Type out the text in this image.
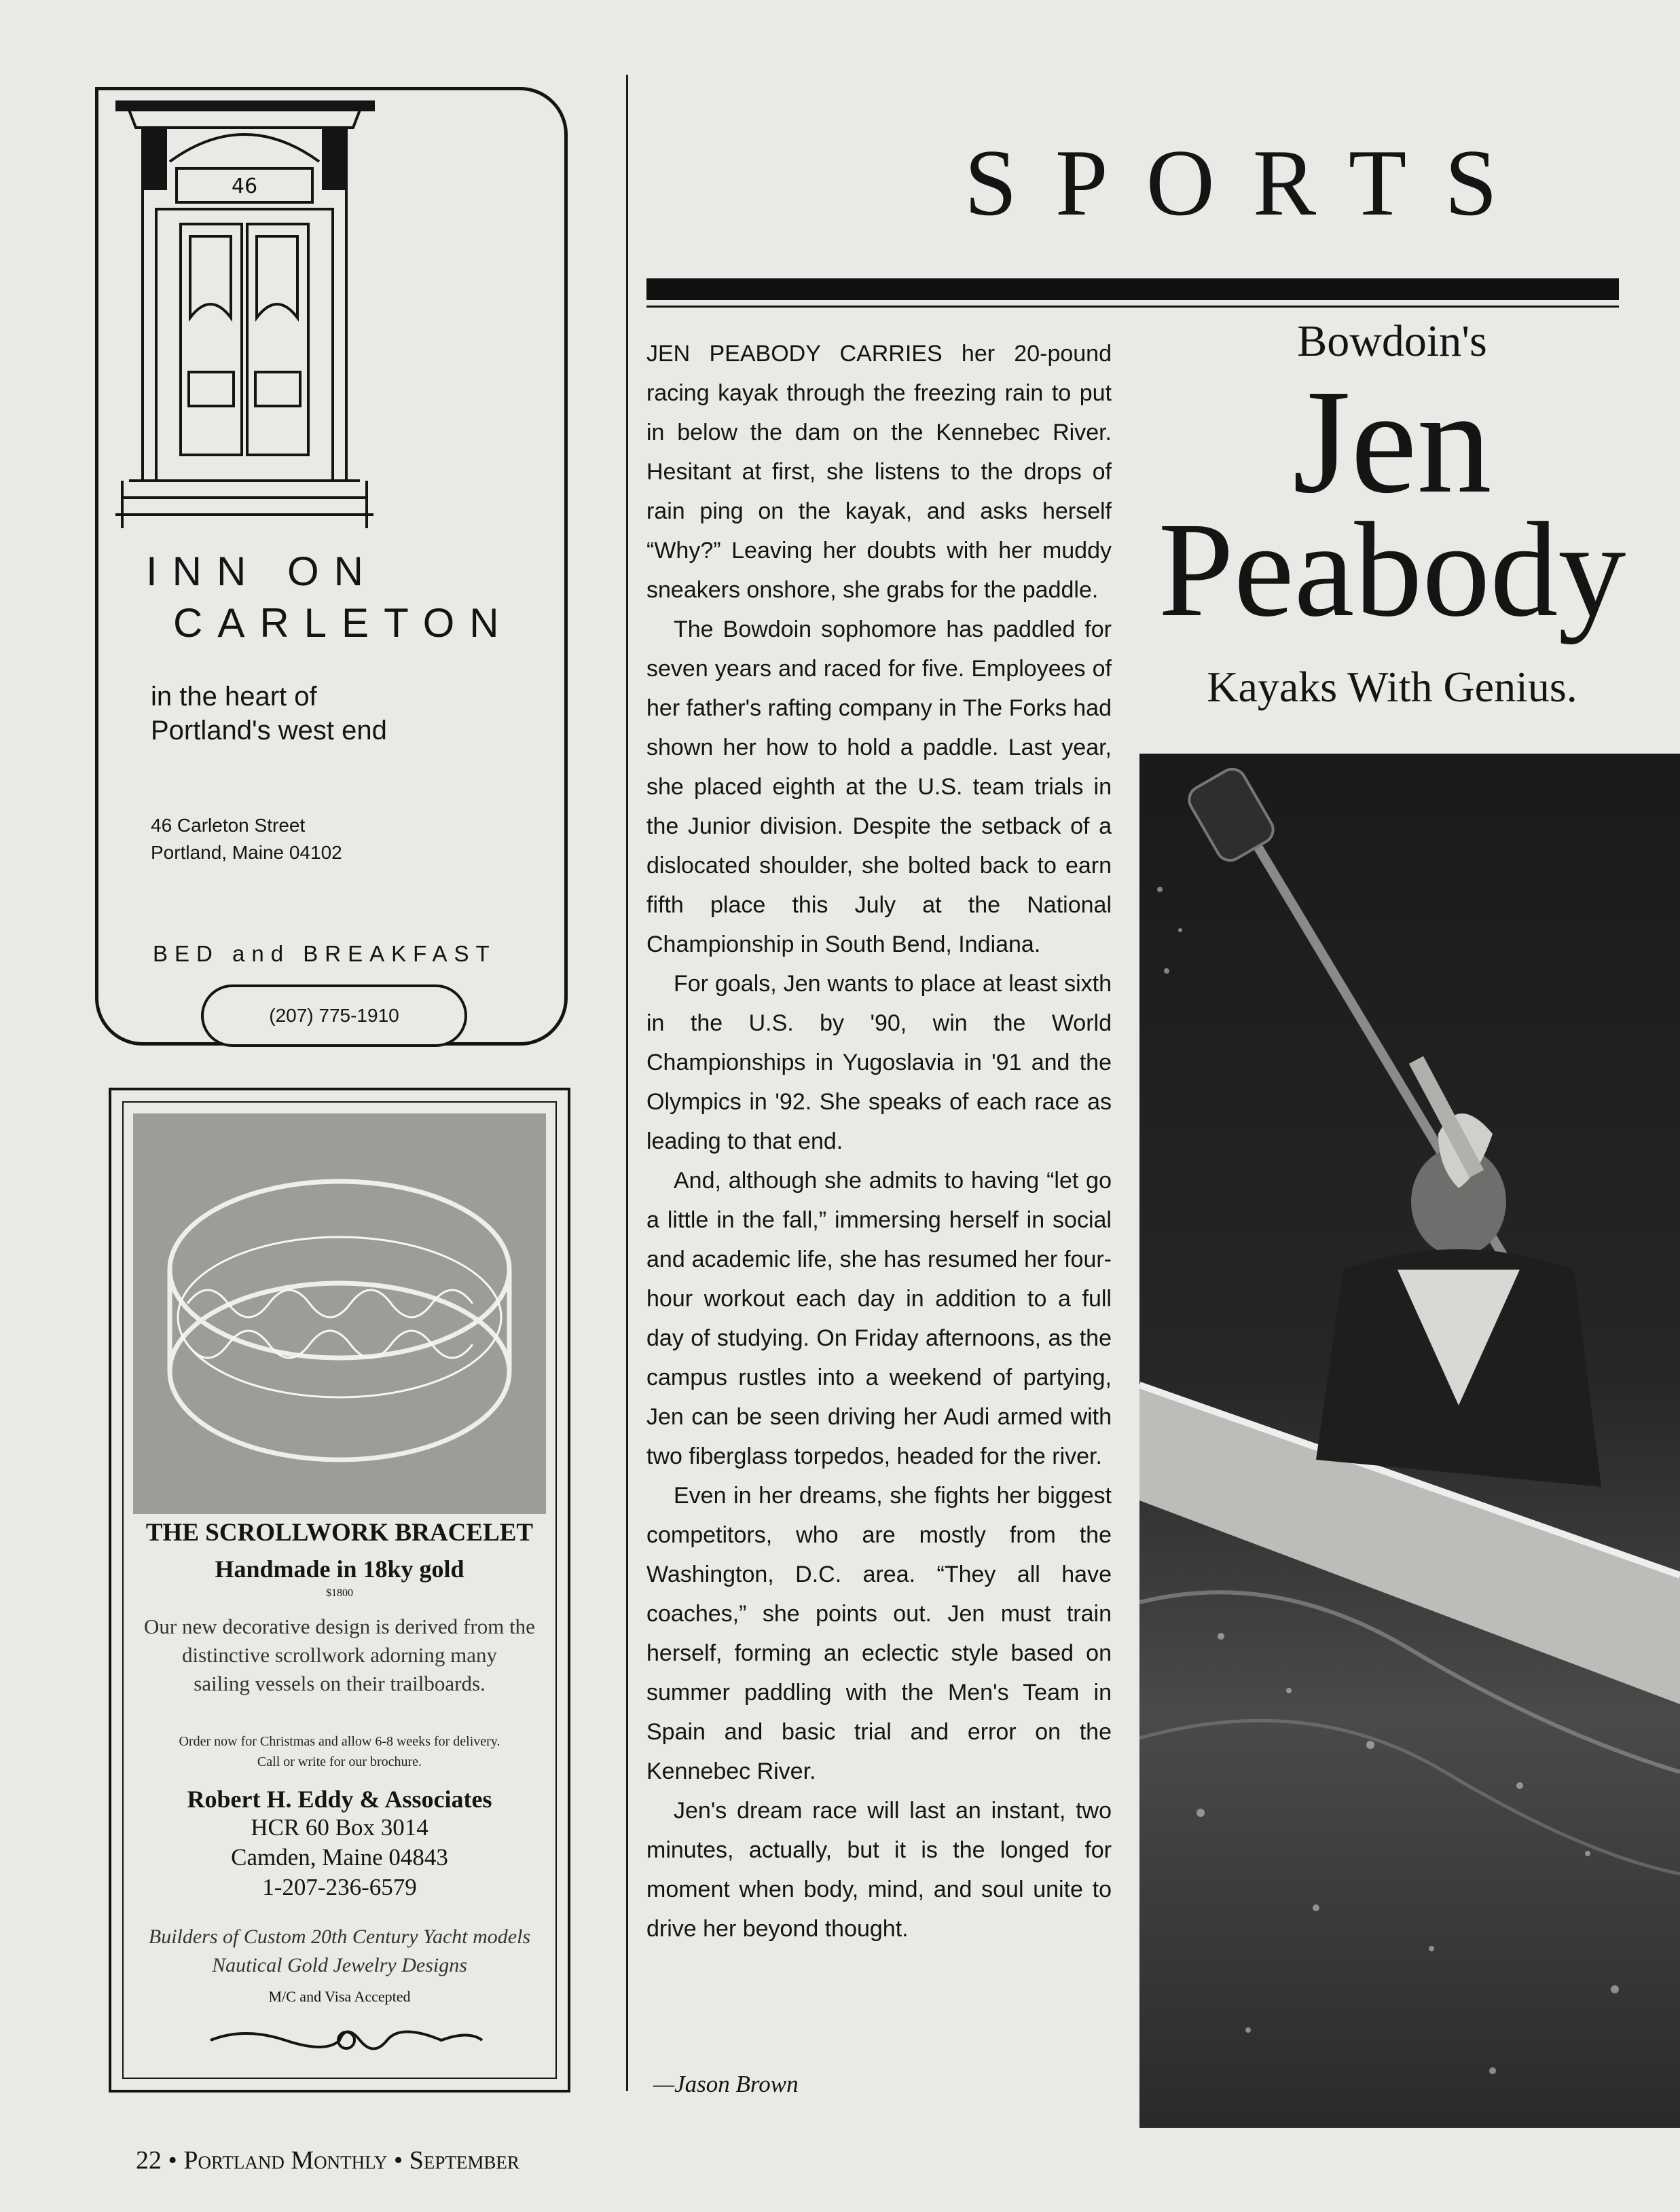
46
INN ON
CARLETON
in the heart of
Portland's west end
46 Carleton Street
Portland, Maine 04102
BED and BREAKFAST
(207) 775-1910
THE SCROLLWORK BRACELET
Handmade in 18ky gold
$1800
Our new decorative design is derived from the
distinctive scrollwork adorning many
sailing vessels on their trailboards.
Order now for Christmas and allow 6-8 weeks for delivery.
Call or write for our brochure.
Robert H. Eddy & Associates
HCR 60 Box 3014
Camden, Maine 04843
1-207-236-6579
Builders of Custom 20th Century Yacht models
Nautical Gold Jewelry Designs
M/C and Visa Accepted
SPORTS

JEN PEABODY CARRIES her 20-pound racing kayak through the freezing rain to put in below the dam on the Kennebec River. Hesitant at first, she listens to the drops of rain ping on the kayak, and asks herself “Why?” Leaving her doubts with her muddy sneakers onshore, she grabs for the paddle.

The Bowdoin sophomore has paddled for seven years and raced for five. Employees of her father's rafting company in The Forks had shown her how to hold a paddle. Last year, she placed eighth at the U.S. team trials in the Junior division. Despite the setback of a dislocated shoulder, she bolted back to earn fifth place this July at the National Championship in South Bend, Indiana.

For goals, Jen wants to place at least sixth in the U.S. by '90, win the World Championships in Yugoslavia in '91 and the Olympics in '92. She speaks of each race as leading to that end.

And, although she admits to having “let go a little in the fall,” immersing herself in social and academic life, she has resumed her four-hour workout each day in addition to a full day of studying. On Friday afternoons, as the campus rustles into a weekend of partying, Jen can be seen driving her Audi armed with two fiberglass torpedos, headed for the river.

Even in her dreams, she fights her biggest competitors, who are mostly from the Washington, D.C. area. “They all have coaches,” she points out. Jen must train herself, forming an eclectic style based on summer paddling with the Men's Team in Spain and basic trial and error on the Kennebec River.

Jen's dream race will last an instant, two minutes, actually, but it is the longed for moment when body, mind, and soul unite to drive her beyond thought.

—Jason Brown
Bowdoin's
Jen
Peabody
Kayaks With Genius.
22 • Portland Monthly • September
